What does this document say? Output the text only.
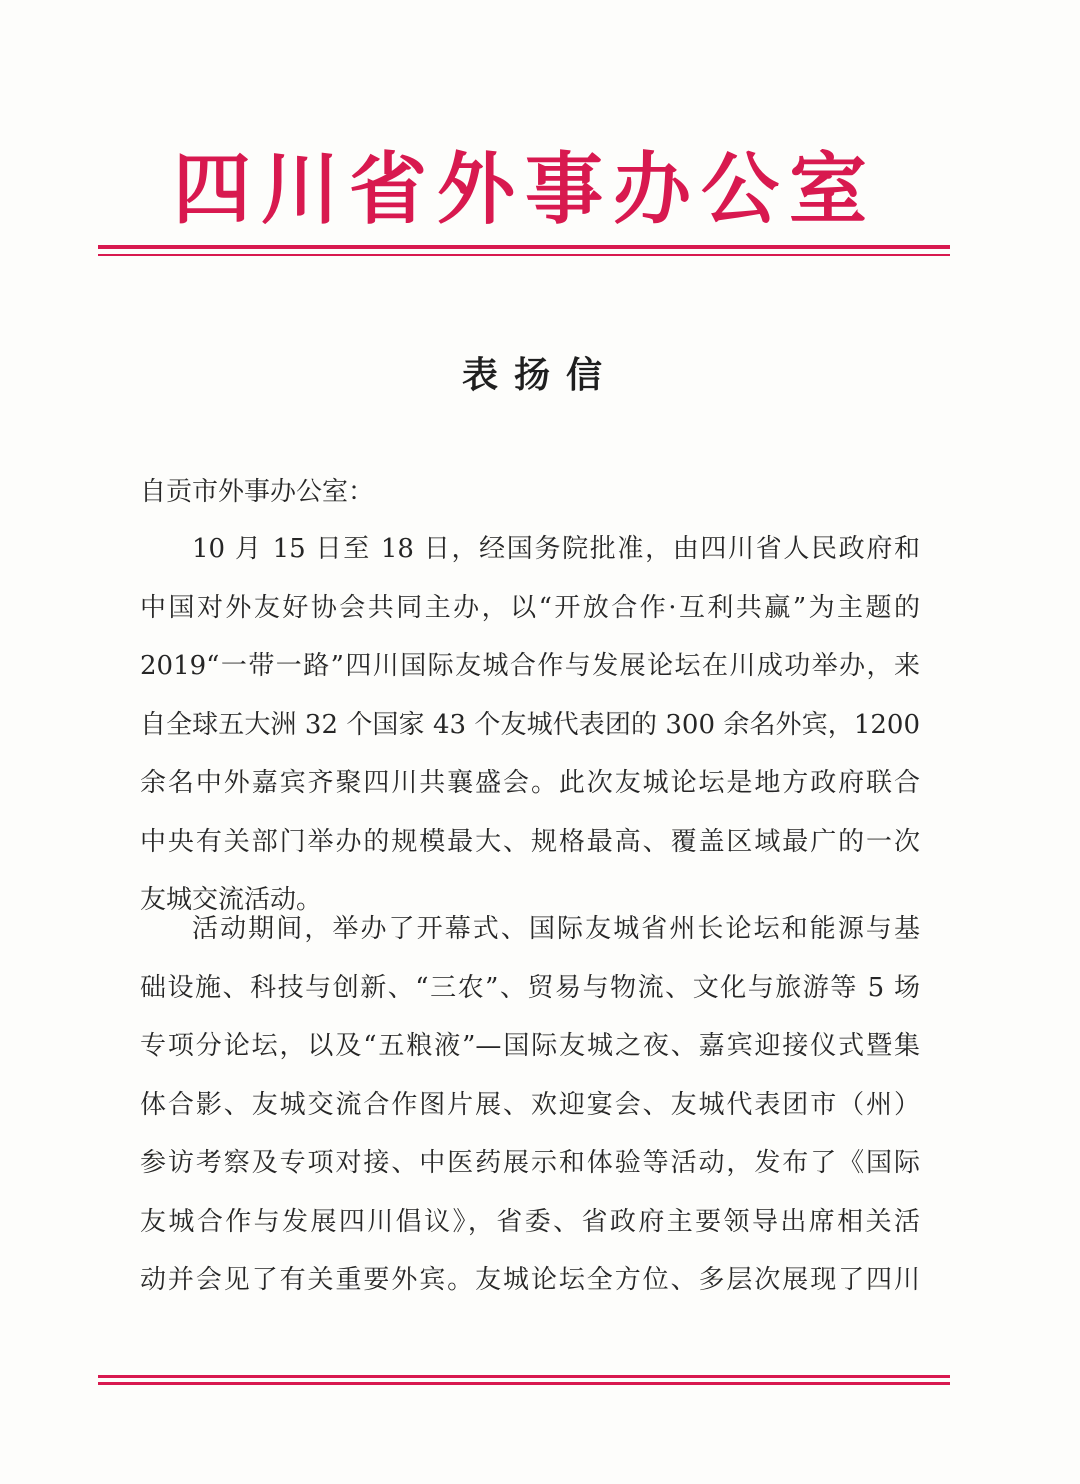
四川省外事办公室
表扬信
自贡市外事办公室：
10 月 15 日至 18 日，经国务院批准，由四川省人民政府和
中国对外友好协会共同主办，以“开放合作·互利共赢”为主题的
2019“一带一路”四川国际友城合作与发展论坛在川成功举办，来
自全球五大洲 32 个国家 43 个友城代表团的 300 余名外宾，1200
余名中外嘉宾齐聚四川共襄盛会。此次友城论坛是地方政府联合
中央有关部门举办的规模最大、规格最高、覆盖区域最广的一次
友城交流活动。
活动期间，举办了开幕式、国际友城省州长论坛和能源与基
础设施、科技与创新、“三农”、贸易与物流、文化与旅游等 5 场
专项分论坛，以及“五粮液”—国际友城之夜、嘉宾迎接仪式暨集
体合影、友城交流合作图片展、欢迎宴会、友城代表团市（州）
参访考察及专项对接、中医药展示和体验等活动，发布了《国际
友城合作与发展四川倡议》，省委、省政府主要领导出席相关活
动并会见了有关重要外宾。友城论坛全方位、多层次展现了四川
